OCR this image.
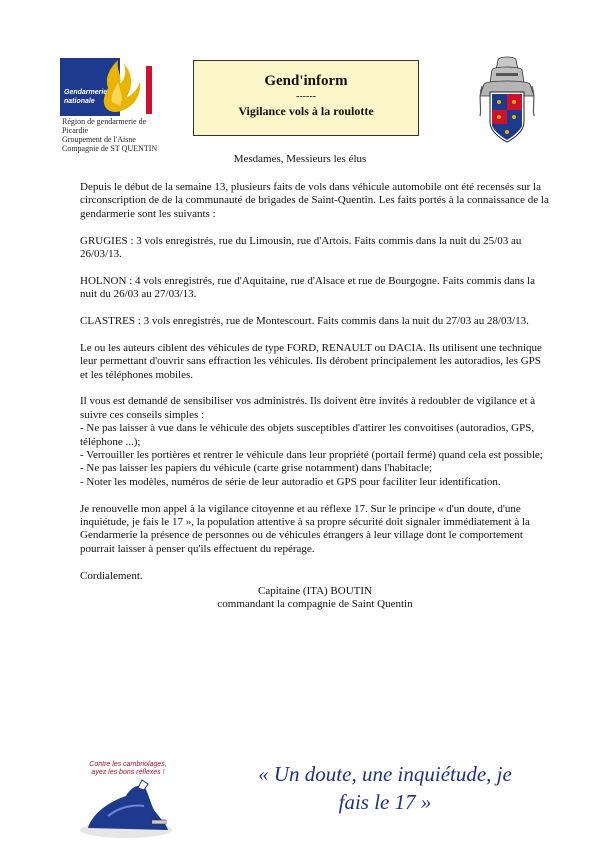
Gendarmerie
nationale
Région de gendarmerie de
Picardie
Groupement de l'Aisne
Compagnie de ST QUENTIN
Gend'inform
------
Vigilance vols à la roulotte
Mesdames, Messieurs les élus

Depuis le début de la semaine 13, plusieurs faits de vols dans véhicule automobile ont été recensés sur la circonscription de de la communauté de brigades de Saint-Quentin. Les faits portés à la connaissance de la gendarmerie sont les suivants :

GRUGIES : 3 vols enregistrés, rue du Limousin, rue d'Artois. Faits commis dans la nuit du 25/03 au 26/03/13.

HOLNON : 4 vols enregistrés, rue d'Aquitaine, rue d'Alsace et rue de Bourgogne. Faits commis dans la nuit du 26/03 au 27/03/13.

CLASTRES : 3 vols enregistrés, rue de Montescourt. Faits commis dans la nuit du 27/03 au 28/03/13.

Le ou les auteurs ciblent des véhicules de type FORD, RENAULT ou DACIA. Ils utilisent une technique leur permettant d'ouvrir sans effraction les véhicules. Ils dérobent principalement les autoradios, les GPS et les téléphones mobiles.

Il vous est demandé de sensibiliser vos administrés. Ils doivent être invités à redoubler de vigilance et à suivre ces conseils simples :
- Ne pas laisser à vue dans le véhicule des objets susceptibles d'attirer les convoitises (autoradios, GPS, téléphone ...);
- Verrouiller les portières et rentrer le véhicule dans leur propriété (portail fermé) quand cela est possible;
- Ne pas laisser les papiers du véhicule (carte grise notamment) dans l'habitacle;
- Noter les modèles, numéros de série de leur autoradio et GPS pour faciliter leur identification.

Je renouvelle mon appel à la vigilance citoyenne et au réflexe 17. Sur le principe « d'un doute, d'une inquiétude, je fais le 17 », la population attentive à sa propre sécurité doit signaler immédiatement à la Gendarmerie la présence de personnes ou de véhicules étrangers à leur village dont le comportement pourrait laisser à penser qu'ils effectuent du repérage.

Cordialement.

Capitaine (ITA) BOUTIN
commandant la compagnie de Saint Quentin
Contre les cambriolages,
ayez les bons réflexes !	« Un doute, une inquiétude, je
fais le 17 »
